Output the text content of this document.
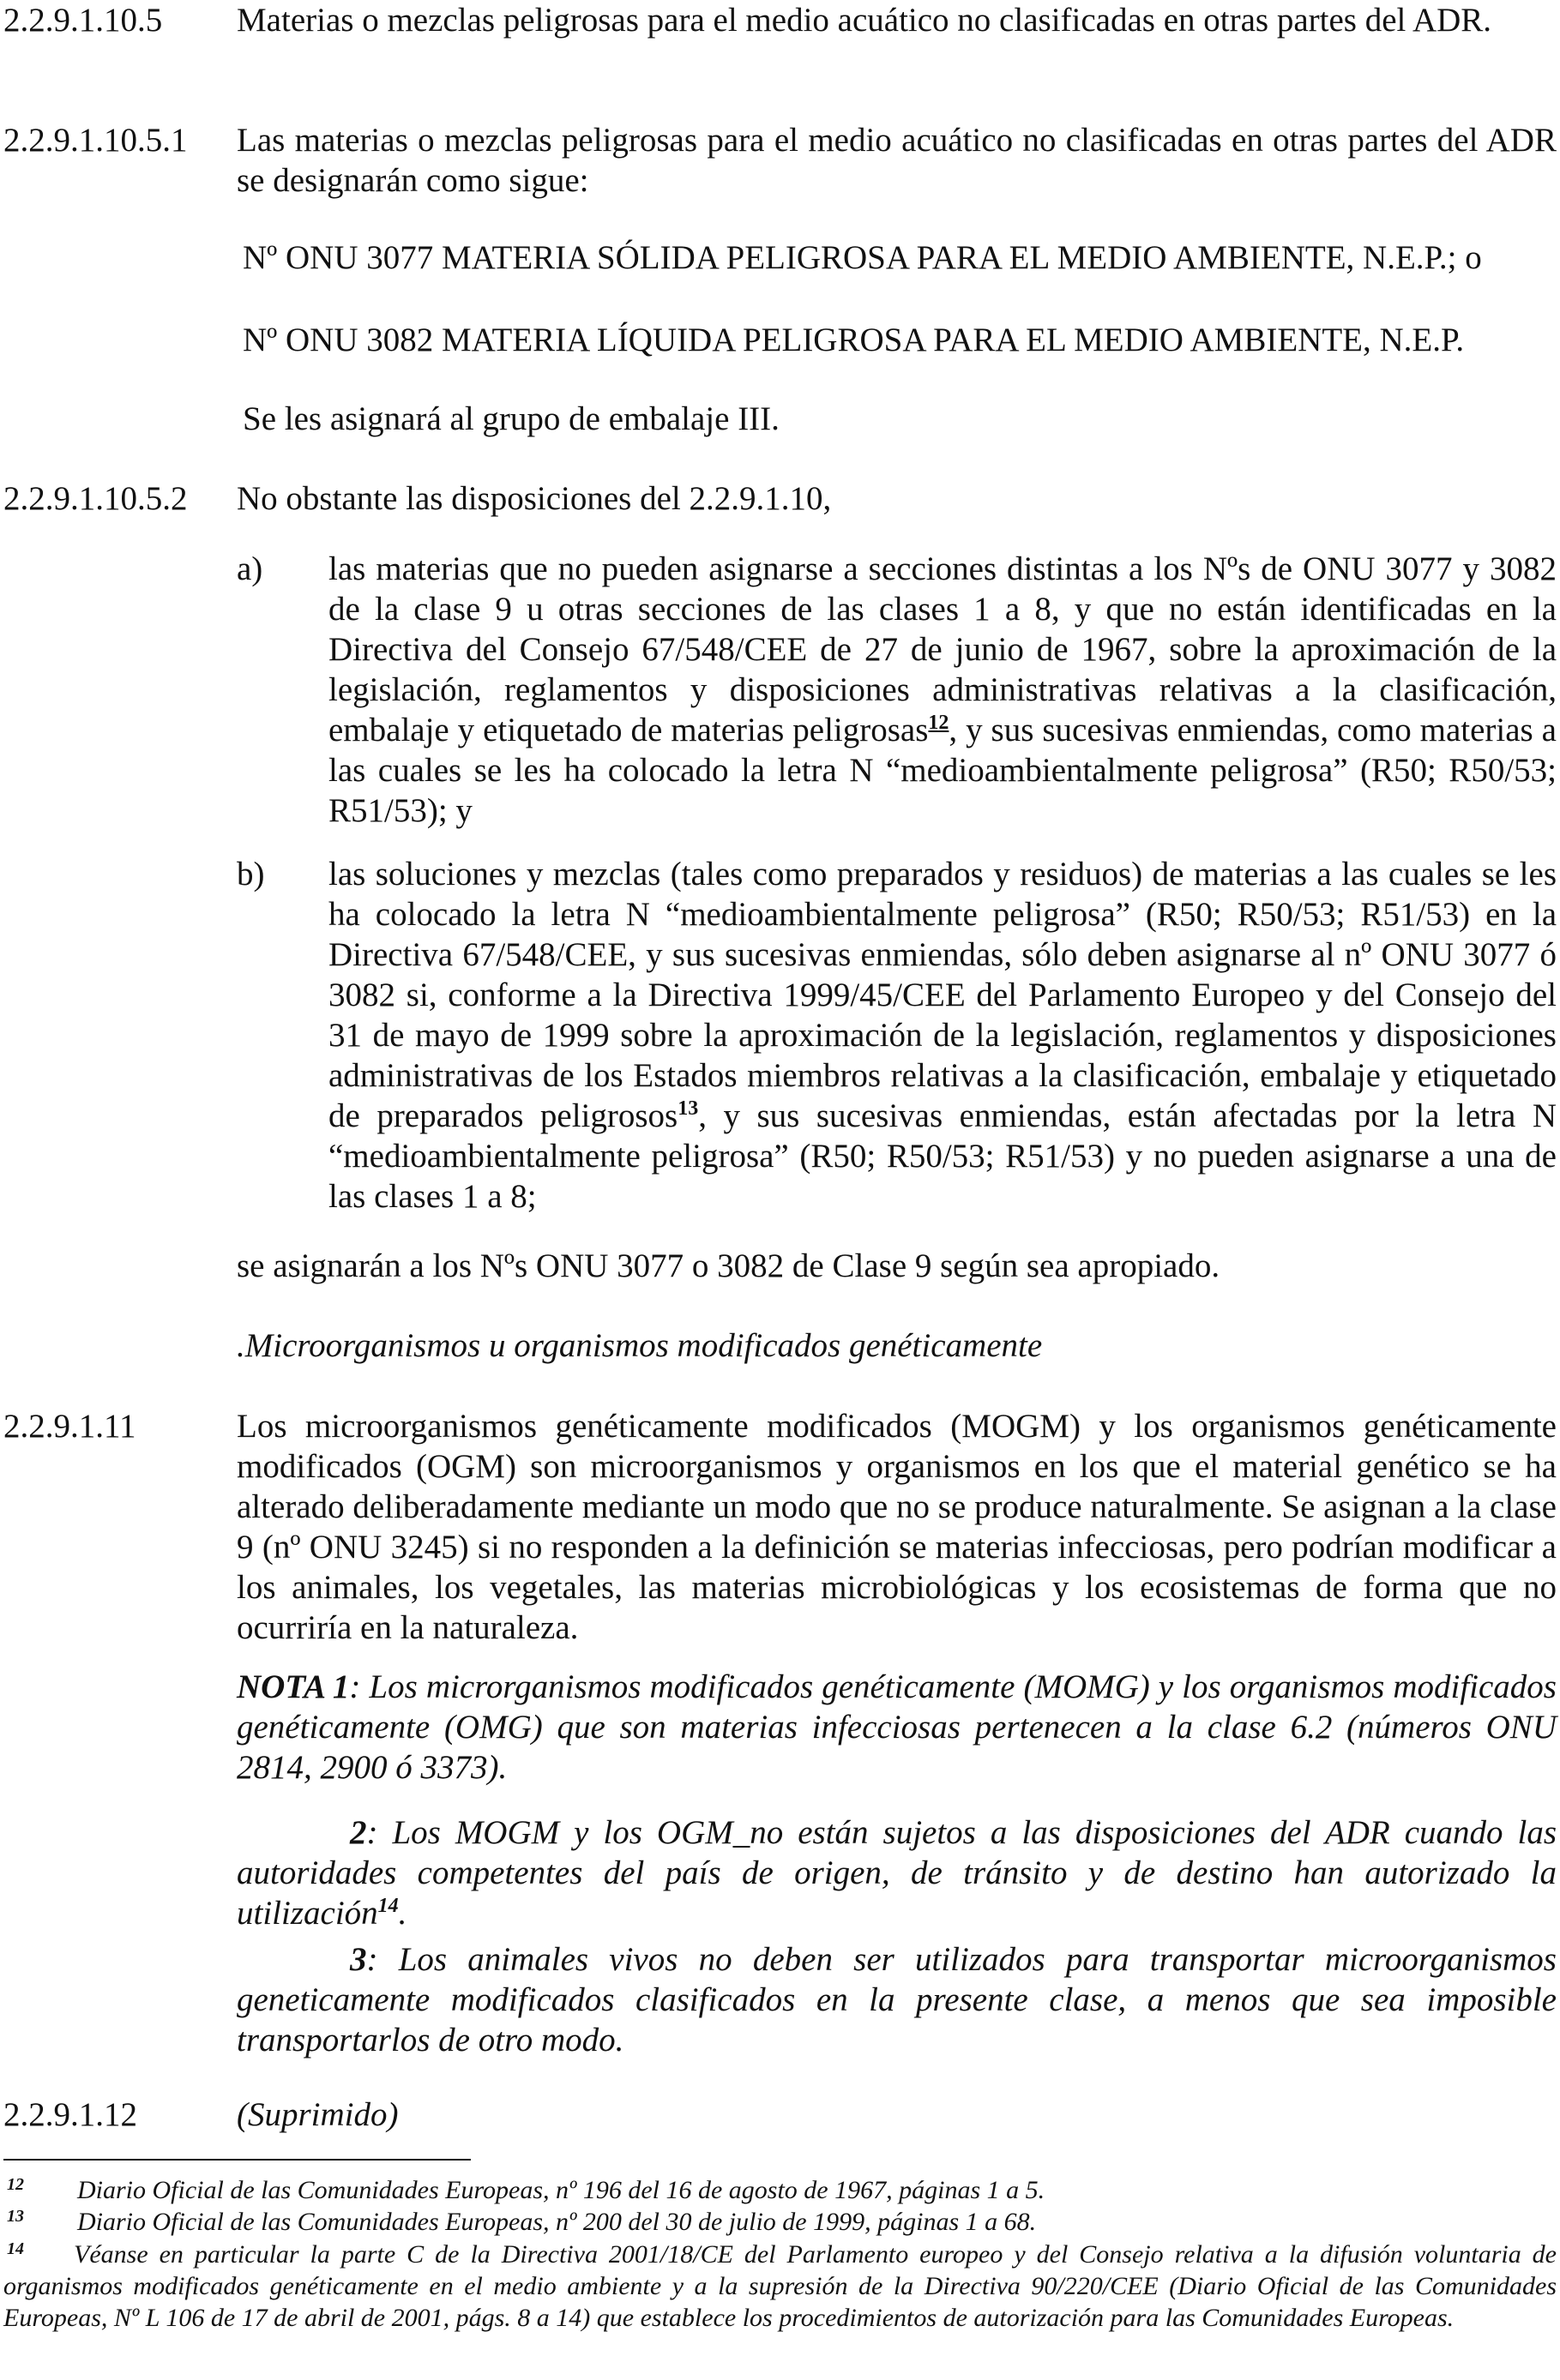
2.2.9.1.10.5 Materias o mezclas peligrosas para el medio acuático no clasificadas en otras partes del ADR.
2.2.9.1.10.5.1 Las materias o mezclas peligrosas para el medio acuático no clasificadas en otras partes del ADR se designarán como sigue:
Nº ONU 3077 MATERIA SÓLIDA PELIGROSA PARA EL MEDIO AMBIENTE, N.E.P.; o
Nº ONU 3082 MATERIA LÍQUIDA PELIGROSA PARA EL MEDIO AMBIENTE, N.E.P.
Se les asignará al grupo de embalaje III.
2.2.9.1.10.5.2 No obstante las disposiciones del 2.2.9.1.10,
a) las materias que no pueden asignarse a secciones distintas a los Nºs de ONU 3077 y 3082 de la clase 9 u otras secciones de las clases 1 a 8, y que no están identificadas en la Directiva del Consejo 67/548/CEE de 27 de junio de 1967, sobre la aproximación de la legislación, reglamentos y disposiciones administrativas relativas a la clasificación, embalaje y etiquetado de materias peligrosas$^{12}$, y sus sucesivas enmiendas, como materias a las cuales se les ha colocado la letra N “medioambientalmente peligrosa” (R50; R50/53; R51/53); y
b) las soluciones y mezclas (tales como preparados y residuos) de materias a las cuales se les ha colocado la letra N “medioambientalmente peligrosa” (R50; R50/53; R51/53) en la Directiva 67/548/CEE, y sus sucesivas enmiendas, sólo deben asignarse al nº ONU 3077 ó 3082 si, conforme a la Directiva 1999/45/CEE del Parlamento Europeo y del Consejo del 31 de mayo de 1999 sobre la aproximación de la legislación, reglamentos y disposiciones administrativas de los Estados miembros relativas a la clasificación, embalaje y etiquetado de preparados peligrosos$^{13}$, y sus sucesivas enmiendas, están afectadas por la letra N “medioambientalmente peligrosa” (R50; R50/53; R51/53) y no pueden asignarse a una de las clases 1 a 8;
se asignarán a los Nºs ONU 3077 o 3082 de Clase 9 según sea apropiado.
.Microorganismos u organismos modificados genéticamente
2.2.9.1.11	Los microorganismos genéticamente modificados (MOGM) y los organismos genéticamente modificados (OGM) son microorganismos y organismos en los que el material genético se ha alterado deliberadamente mediante un modo que no se produce naturalmente. Se asignan a la clase 9 (nº ONU 3245) si no responden a la definición se materias infecciosas, pero podrían modificar a los animales, los vegetales, las materias microbiológicas y los ecosistemas de forma que no ocurriría en la naturaleza.
NOTA 1: Los microrganismos modificados genéticamente (MOMG) y los organismos modificados genéticamente (OMG) que son materias infecciosas pertenecen a la clase 6.2 (números ONU 2814, 2900 ó 3373).
2: Los MOGM y los OGM_no están sujetos a las disposiciones del ADR cuando las autoridades competentes del país de origen, de tránsito y de destino han autorizado la utilización$^{14}$.
3: Los animales vivos no deben ser utilizados para transportar microorganismos geneticamente modificados clasificados en la presente clase, a menos que sea imposible transportarlos de otro modo.
2.2.9.1.12	(Suprimido)
12 Diario Oficial de las Comunidades Europeas, nº 196 del 16 de agosto de 1967, páginas 1 a 5.
13 Diario Oficial de las Comunidades Europeas, nº 200 del 30 de julio de 1999, páginas 1 a 68.
14	Véanse en particular la parte C de la Directiva 2001/18/CE del Parlamento europeo y del Consejo relativa a la difusión voluntaria de organismos modificados genéticamente en el medio ambiente y a la supresión de la Directiva 90/220/CEE (Diario Oficial de las Comunidades Europeas, Nº L 106 de 17 de abril de 2001, págs. 8 a 14) que establece los procedimientos de autorización para las Comunidades Europeas.
